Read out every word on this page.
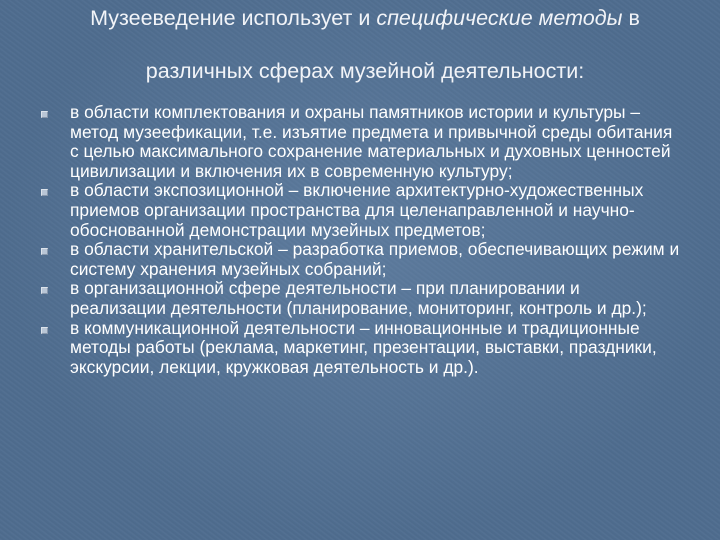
Музееведение использует и специфические методы в
различных сферах музейной деятельности:
в области комплектования и охраны памятников истории и культуры – метод музеефикации, т.е. изъятие предмета и привычной среды обитания с целью максимального сохранение материальных и духовных ценностей цивилизации и включения их в современную культуру;
в области экспозиционной – включение архитектурно-художественных приемов организации пространства для целенаправленной и научно-обоснованной демонстрации музейных предметов;
в области хранительской – разработка приемов, обеспечивающих режим и систему хранения музейных собраний;
в организационной сфере деятельности – при планировании и реализации деятельности (планирование, мониторинг, контроль и др.);
в коммуникационной деятельности – инновационные и традиционные методы работы (реклама, маркетинг, презентации, выставки, праздники, экскурсии, лекции, кружковая деятельность и др.).
